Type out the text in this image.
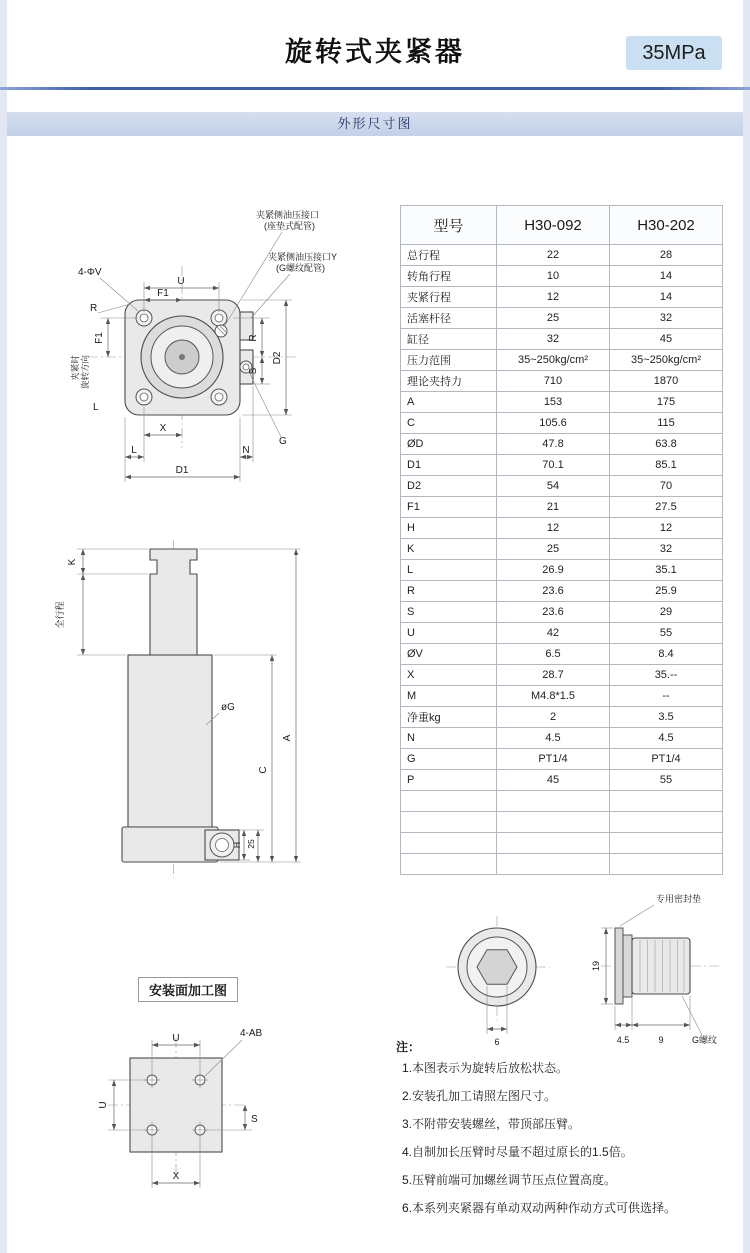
旋转式夹紧器	35MPa
外形尺寸图
型号	H30-092	H30-202
总行程	22	28
转角行程	10	14
夹紧行程	12	14
活塞杆径	25	32
缸径	32	45
压力范围	35~250kg/cm²	35~250kg/cm²
理论夹持力	710	1870
A	153	175
C	105.6	115
ØD	47.8	63.8
D1	70.1	85.1
D2	54	70
F1	21	27.5
H	12	12
K	25	32
L	26.9	35.1
R	23.6	25.9
S	23.6	29
U	42	55
ØV	6.5	8.4
X	28.7	35.--
M	M4.8*1.5	--
净重kg	2	3.5
N	4.5	4.5
G	PT1/4	PT1/4
P	45	55

夹紧侧油压接口
(座垫式配管)
夹紧侧油压接口Y
(G螺纹配管)
U
F1
4-ΦV
R
F1
夹紧时 旋转方向
L
X
L	N
D1
G
R
S
D2
øG
K
全行程
A
C
H 25
安装面加工图
U	4-AB
U
S
X
6
专用密封垫
19
4.5	9	G螺纹
注：
1.本图表示为旋转后放松状态。
2.安装孔加工请照左图尺寸。
3.不附带安装螺丝，带顶部压臂。
4.自制加长压臂时尽量不超过原长的1.5倍。
5.压臂前端可加螺丝调节压点位置高度。
6.本系列夹紧器有单动双动两种作动方式可供选择。
